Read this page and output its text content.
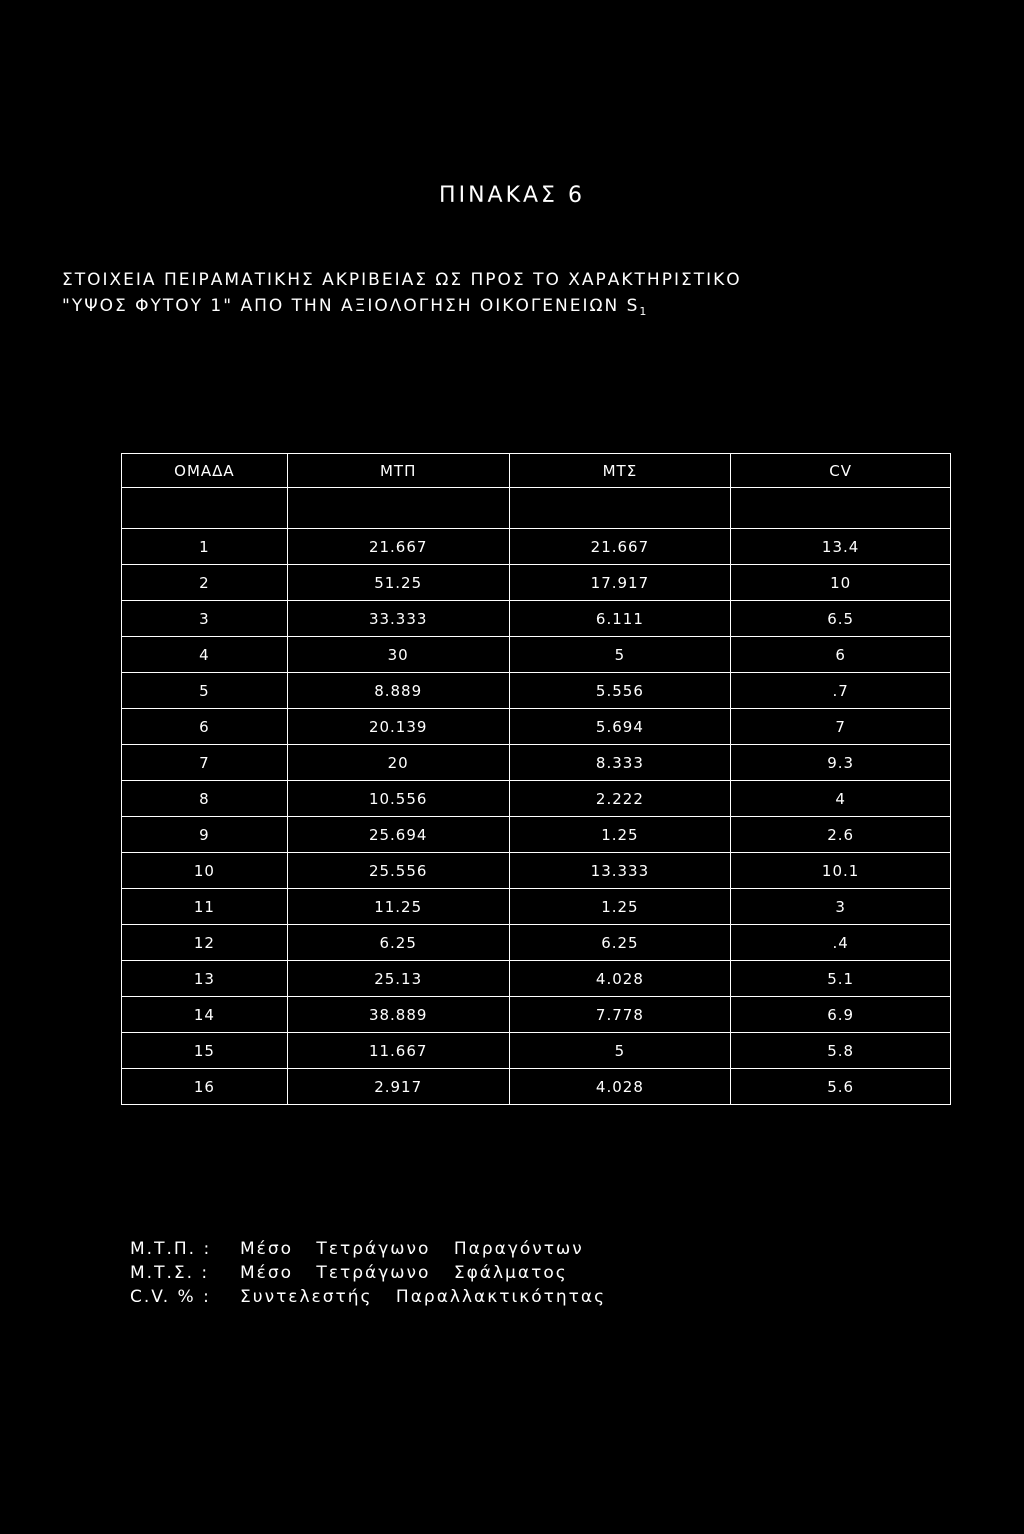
ΠΙΝΑΚΑΣ 6
ΣΤΟΙΧΕΙΑ ΠΕΙΡΑΜΑΤΙΚΗΣ ΑΚΡΙΒΕΙΑΣ ΩΣ ΠΡΟΣ ΤΟ ΧΑΡΑΚΤΗΡΙΣΤΙΚΟ
"ΥΨΟΣ ΦΥΤΟΥ 1" ΑΠΟ ΤΗΝ ΑΞΙΟΛΟΓΗΣΗ ΟΙΚΟΓΕΝΕΙΩΝ $S_1$
ΟΜΑΔΑ	ΜΤΠ	ΜΤΣ	CV

1	21.667	21.667	13.4
2	51.25	17.917	10
3	33.333	6.111	6.5
4	30	5	6
5	8.889	5.556	.7
6	20.139	5.694	7
7	20	8.333	9.3
8	10.556	2.222	4
9	25.694	1.25	2.6
10	25.556	13.333	10.1
11	11.25	1.25	3
12	6.25	6.25	.4
13	25.13	4.028	5.1
14	38.889	7.778	6.9
15	11.667	5	5.8
16	2.917	4.028	5.6
Μ.Τ.Π. :	Μέσο Τετράγωνο Παραγόντων
Μ.Τ.Σ. :	Μέσο Τετράγωνο Σφάλματος
C.V. % :	Συντελεστής Παραλλακτικότητας
